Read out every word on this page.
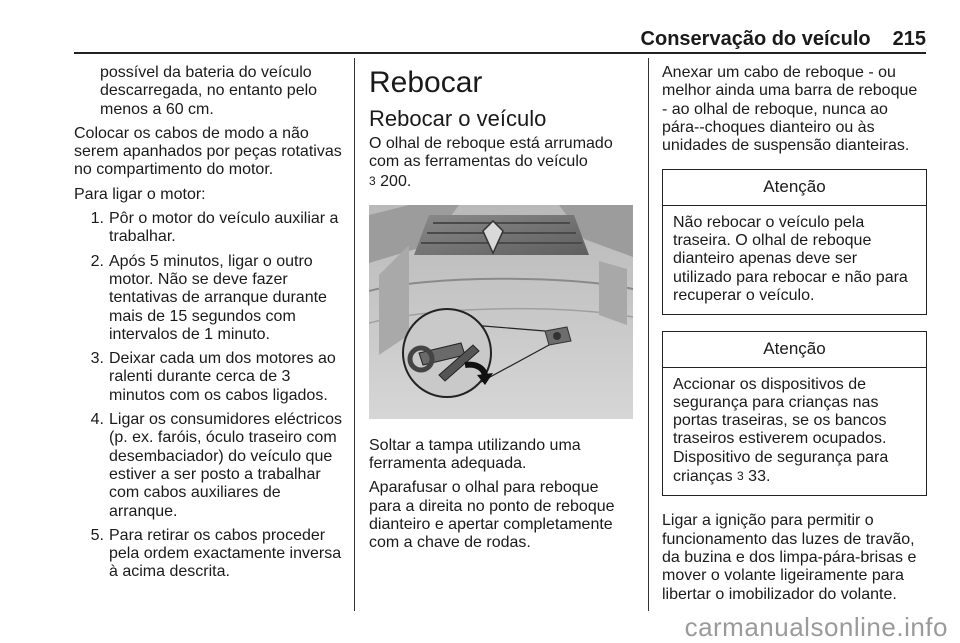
Conservação do veículo 215
possível da bateria do veículo descarregada, no entanto pelo menos a 60 cm.

Colocar os cabos de modo a não serem apanhados por peças rotativas no compartimento do motor.

Para ligar o motor:

1. Pôr o motor do veículo auxiliar a trabalhar.
2. Após 5 minutos, ligar o outro motor. Não se deve fazer tentativas de arranque durante mais de 15 segundos com intervalos de 1 minuto.
3. Deixar cada um dos motores ao ralenti durante cerca de 3 minutos com os cabos ligados.
4. Ligar os consumidores eléctricos (p. ex. faróis, óculo traseiro com desembaciador) do veículo que estiver a ser posto a trabalhar com cabos auxiliares de arranque.
5. Para retirar os cabos proceder pela ordem exactamente inversa à acima descrita.
Rebocar
Rebocar o veículo

O olhal de reboque está arrumado com as ferramentas do veículo
3 200.

Soltar a tampa utilizando uma ferramenta adequada.

Aparafusar o olhal para reboque para a direita no ponto de reboque dianteiro e apertar completamente com a chave de rodas.

Anexar um cabo de reboque - ou melhor ainda uma barra de reboque - ao olhal de reboque, nunca ao pára--choques dianteiro ou às unidades de suspensão dianteiras.

Atenção
Não rebocar o veículo pela traseira. O olhal de reboque dianteiro apenas deve ser utilizado para rebocar e não para recuperar o veículo.
Atenção
Accionar os dispositivos de segurança para crianças nas portas traseiras, se os bancos traseiros estiverem ocupados. Dispositivo de segurança para crianças 3 33.

Ligar a ignição para permitir o funcionamento das luzes de travão, da buzina e dos limpa-pára-brisas e mover o volante ligeiramente para libertar o imobilizador do volante.

carmanualsonline.info
